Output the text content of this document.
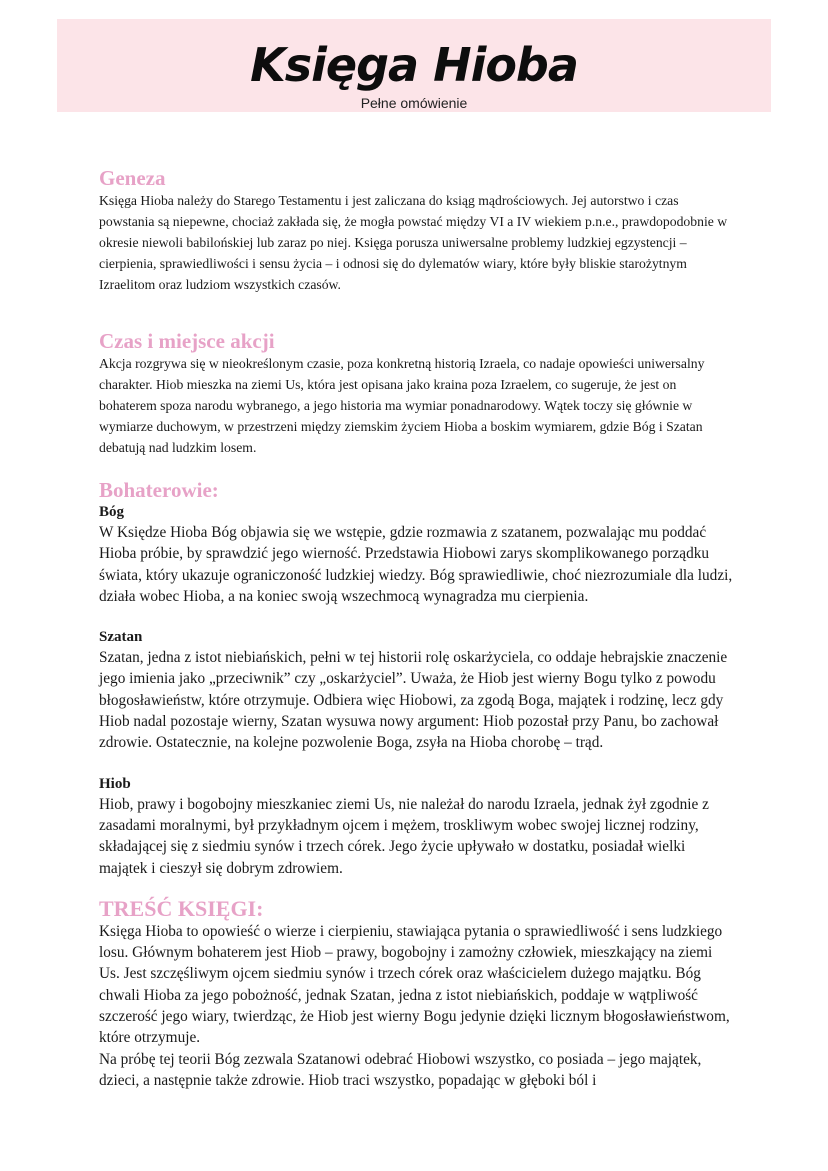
Księga Hioba
Pełne omówienie
Geneza

Księga Hioba należy do Starego Testamentu i jest zaliczana do ksiąg mądrościowych. Jej autorstwo i czas powstania są niepewne, chociaż zakłada się, że mogła powstać między VI a IV wiekiem p.n.e., prawdopodobnie w okresie niewoli babilońskiej lub zaraz po niej. Księga porusza uniwersalne problemy ludzkiej egzystencji – cierpienia, sprawiedliwości i sensu życia – i odnosi się do dylematów wiary, które były bliskie starożytnym Izraelitom oraz ludziom wszystkich czasów.

Czas i miejsce akcji

Akcja rozgrywa się w nieokreślonym czasie, poza konkretną historią Izraela, co nadaje opowieści uniwersalny charakter. Hiob mieszka na ziemi Us, która jest opisana jako kraina poza Izraelem, co sugeruje, że jest on bohaterem spoza narodu wybranego, a jego historia ma wymiar ponadnarodowy. Wątek toczy się głównie w wymiarze duchowym, w przestrzeni między ziemskim życiem Hioba a boskim wymiarem, gdzie Bóg i Szatan debatują nad ludzkim losem.

Bohaterowie:
Bóg

W Księdze Hioba Bóg objawia się we wstępie, gdzie rozmawia z szatanem, pozwalając mu poddać Hioba próbie, by sprawdzić jego wierność. Przedstawia Hiobowi zarys skomplikowanego porządku świata, który ukazuje ograniczoność ludzkiej wiedzy. Bóg sprawiedliwie, choć niezrozumiale dla ludzi, działa wobec Hioba, a na koniec swoją wszechmocą wynagradza mu cierpienia.

Szatan

Szatan, jedna z istot niebiańskich, pełni w tej historii rolę oskarżyciela, co oddaje hebrajskie znaczenie jego imienia jako „przeciwnik” czy „oskarżyciel”. Uważa, że Hiob jest wierny Bogu tylko z powodu błogosławieństw, które otrzymuje. Odbiera więc Hiobowi, za zgodą Boga, majątek i rodzinę, lecz gdy Hiob nadal pozostaje wierny, Szatan wysuwa nowy argument: Hiob pozostał przy Panu, bo zachował zdrowie. Ostatecznie, na kolejne pozwolenie Boga, zsyła na Hioba chorobę – trąd.

Hiob

Hiob, prawy i bogobojny mieszkaniec ziemi Us, nie należał do narodu Izraela, jednak żył zgodnie z zasadami moralnymi, był przykładnym ojcem i mężem, troskliwym wobec swojej licznej rodziny, składającej się z siedmiu synów i trzech córek. Jego życie upływało w dostatku, posiadał wielki majątek i cieszył się dobrym zdrowiem.

TREŚĆ KSIĘGI:

Księga Hioba to opowieść o wierze i cierpieniu, stawiająca pytania o sprawiedliwość i sens ludzkiego losu. Głównym bohaterem jest Hiob – prawy, bogobojny i zamożny człowiek, mieszkający na ziemi Us. Jest szczęśliwym ojcem siedmiu synów i trzech córek oraz właścicielem dużego majątku. Bóg chwali Hioba za jego pobożność, jednak Szatan, jedna z istot niebiańskich, poddaje w wątpliwość szczerość jego wiary, twierdząc, że Hiob jest wierny Bogu jedynie dzięki licznym błogosławieństwom, które otrzymuje.

Na próbę tej teorii Bóg zezwala Szatanowi odebrać Hiobowi wszystko, co posiada – jego majątek, dzieci, a następnie także zdrowie. Hiob traci wszystko, popadając w głęboki ból i
